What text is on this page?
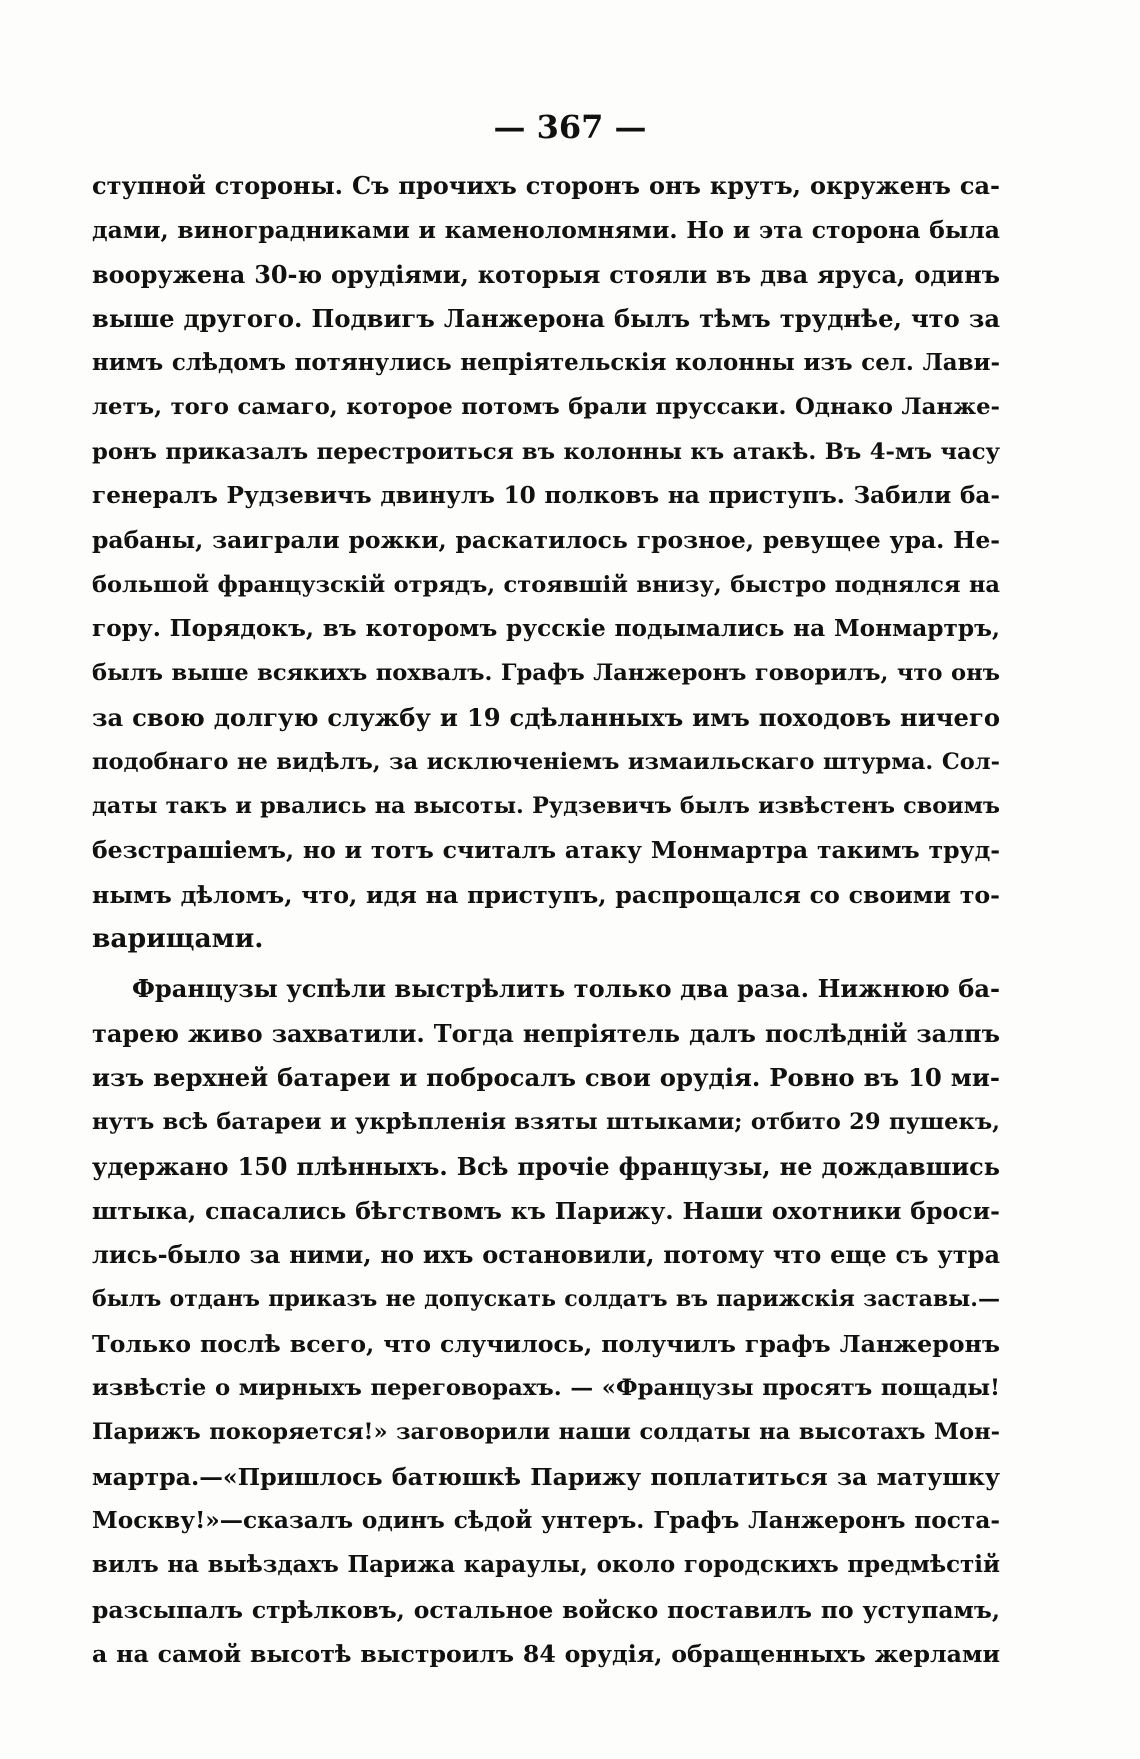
— 367 —
ступной стороны. Съ прочихъ сторонъ онъ крутъ, окруженъ са-
дами, виноградниками и каменоломнями. Но и эта сторона была
вооружена 30-ю орудіями, которыя стояли въ два яруса, одинъ
выше другого. Подвигъ Ланжерона былъ тѣмъ труднѣе, что за
нимъ слѣдомъ потянулись непріятельскія колонны изъ сел. Лави-
летъ, того самаго, которое потомъ брали пруссаки. Однако Ланже-
ронъ приказалъ перестроиться въ колонны къ атакѣ. Въ 4-мъ часу
генералъ Рудзевичъ двинулъ 10 полковъ на приступъ. Забили ба-
рабаны, заиграли рожки, раскатилось грозное, ревущее ура. Не-
большой французскій отрядъ, стоявшій внизу, быстро поднялся на
гору. Порядокъ, въ которомъ русскіе подымались на Монмартръ,
былъ выше всякихъ похвалъ. Графъ Ланжеронъ говорилъ, что онъ
за свою долгую службу и 19 сдѣланныхъ имъ походовъ ничего
подобнаго не видѣлъ, за исключеніемъ измаильскаго штурма. Сол-
даты такъ и рвались на высоты. Рудзевичъ былъ извѣстенъ своимъ
безстрашіемъ, но и тотъ считалъ атаку Монмартра такимъ труд-
нымъ дѣломъ, что, идя на приступъ, распрощался со своими то-
варищами.
Французы успѣли выстрѣлить только два раза. Нижнюю ба-
тарею живо захватили. Тогда непріятель далъ послѣдній залпъ
изъ верхней батареи и побросалъ свои орудія. Ровно въ 10 ми-
нутъ всѣ батареи и укрѣпленія взяты штыками; отбито 29 пушекъ,
удержано 150 плѣнныхъ. Всѣ прочіе французы, не дождавшись
штыка, спасались бѣгствомъ къ Парижу. Наши охотники броси-
лись-было за ними, но ихъ остановили, потому что еще съ утра
былъ отданъ приказъ не допускать солдатъ въ парижскія заставы.—
Только послѣ всего, что случилось, получилъ графъ Ланжеронъ
извѣстіе о мирныхъ переговорахъ. — «Французы просятъ пощады!
Парижъ покоряется!» заговорили наши солдаты на высотахъ Мон-
мартра.—«Пришлось батюшкѣ Парижу поплатиться за матушку
Москву!»—сказалъ одинъ сѣдой унтеръ. Графъ Ланжеронъ поста-
вилъ на выѣздахъ Парижа караулы, около городскихъ предмѣстій
разсыпалъ стрѣлковъ, остальное войско поставилъ по уступамъ,
а на самой высотѣ выстроилъ 84 орудія, обращенныхъ жерлами
